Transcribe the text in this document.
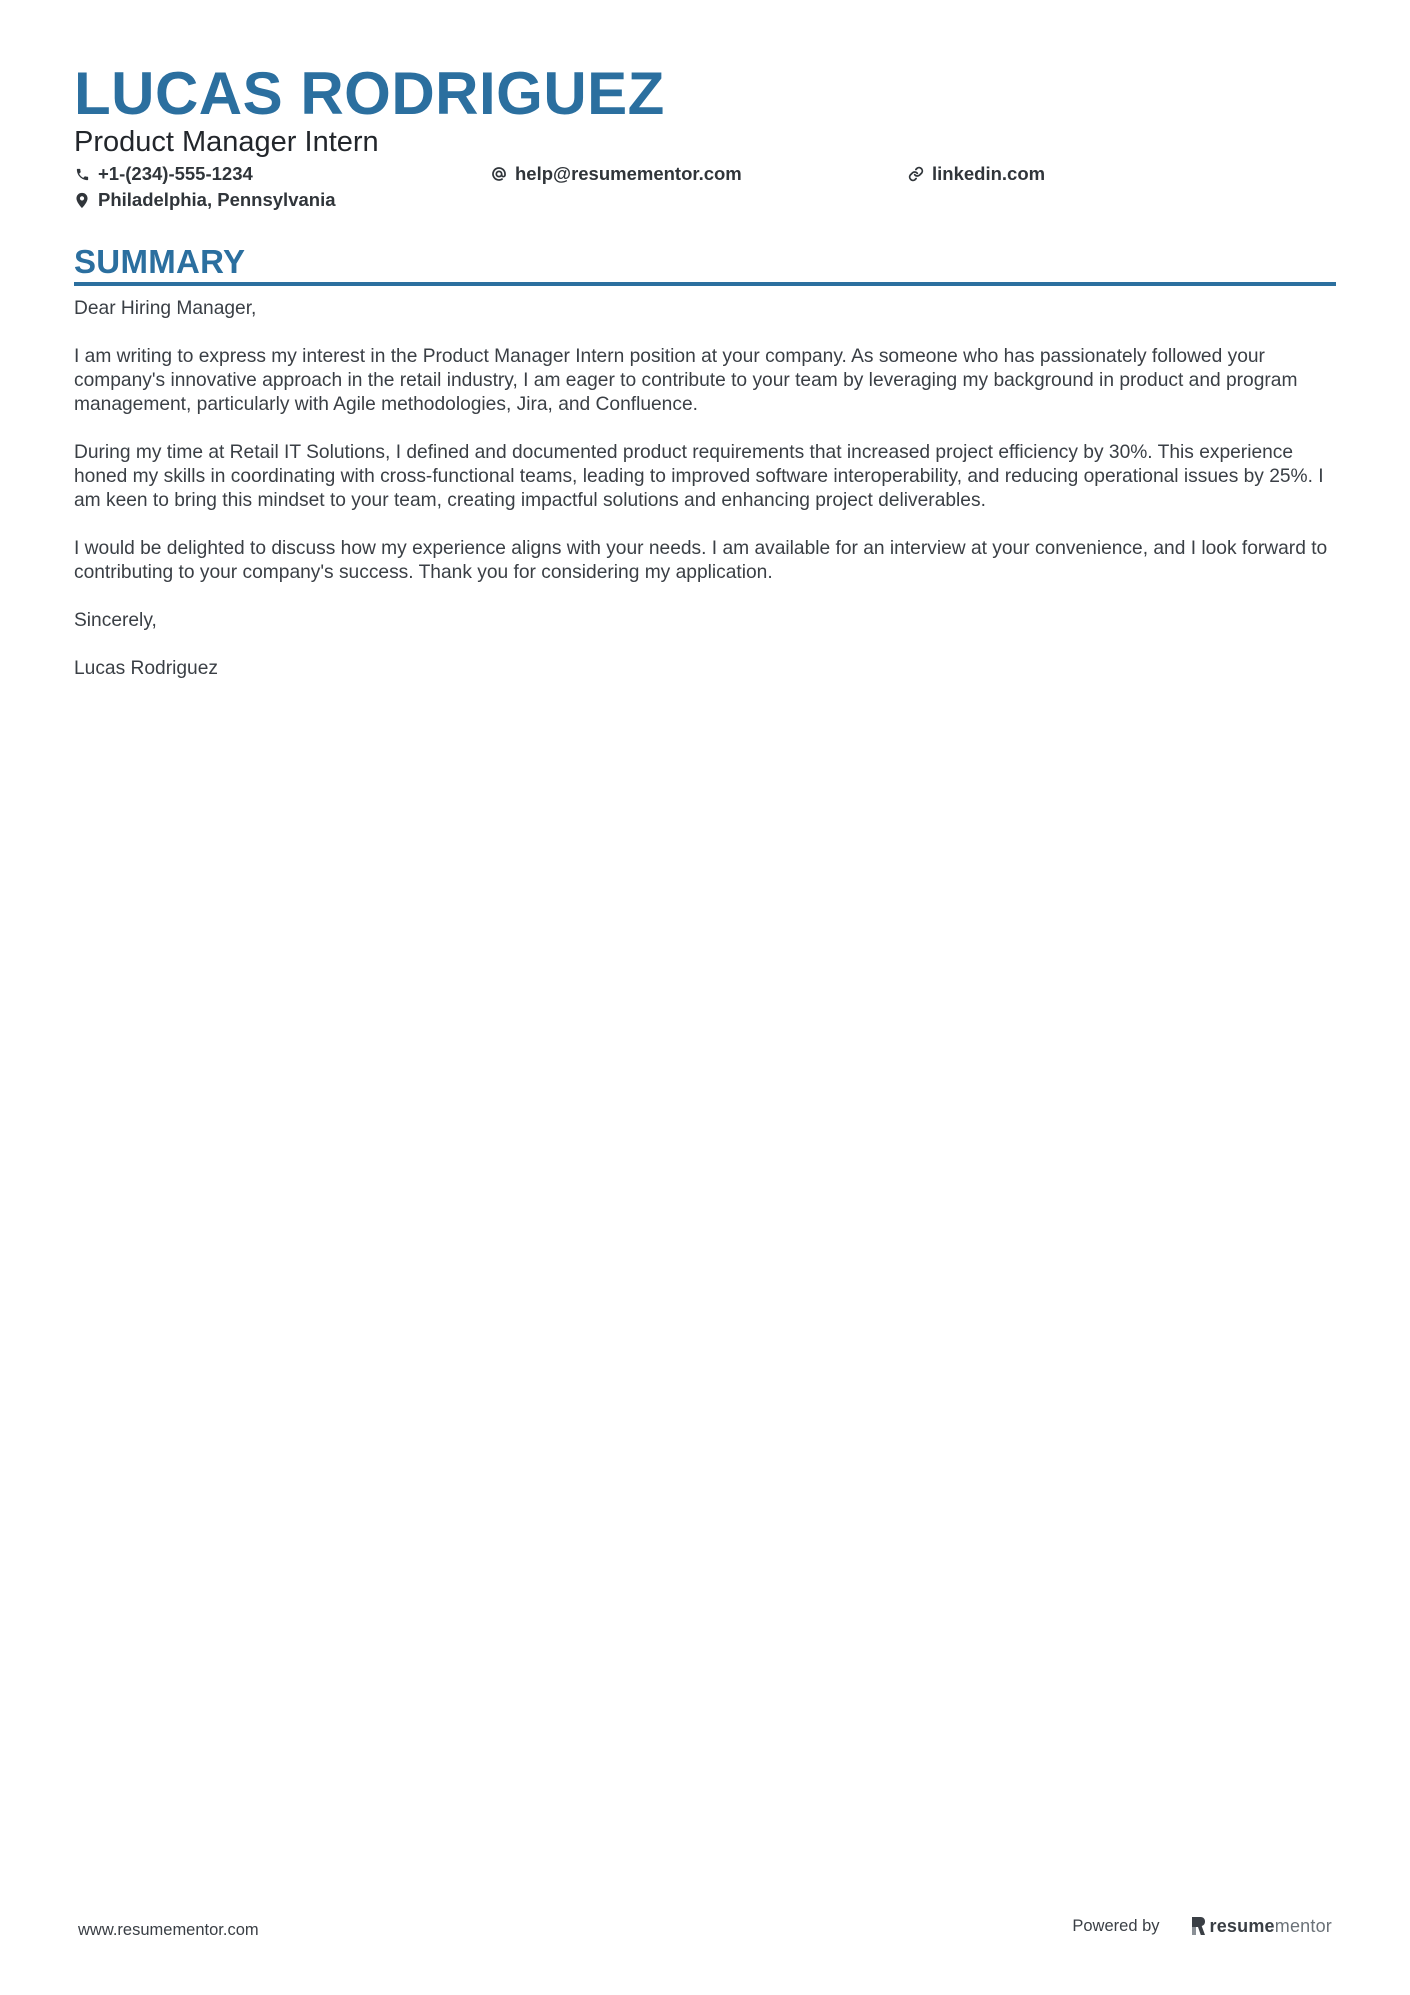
LUCAS RODRIGUEZ
Product Manager Intern
+1-(234)-555-1234	help@resumementor.com	linkedin.com
Philadelphia, Pennsylvania
SUMMARY

Dear Hiring Manager,

I am writing to express my interest in the Product Manager Intern position at your company. As someone who has passionately followed your company's innovative approach in the retail industry, I am eager to contribute to your team by leveraging my background in product and program management, particularly with Agile methodologies, Jira, and Confluence.

During my time at Retail IT Solutions, I defined and documented product requirements that increased project efficiency by 30%. This experience honed my skills in coordinating with cross-functional teams, leading to improved software interoperability, and reducing operational issues by 25%. I am keen to bring this mindset to your team, creating impactful solutions and enhancing project deliverables.

I would be delighted to discuss how my experience aligns with your needs. I am available for an interview at your convenience, and I look forward to contributing to your company's success. Thank you for considering my application.

Sincerely,

Lucas Rodriguez

www.resumementor.com	Powered by	resume mentor
